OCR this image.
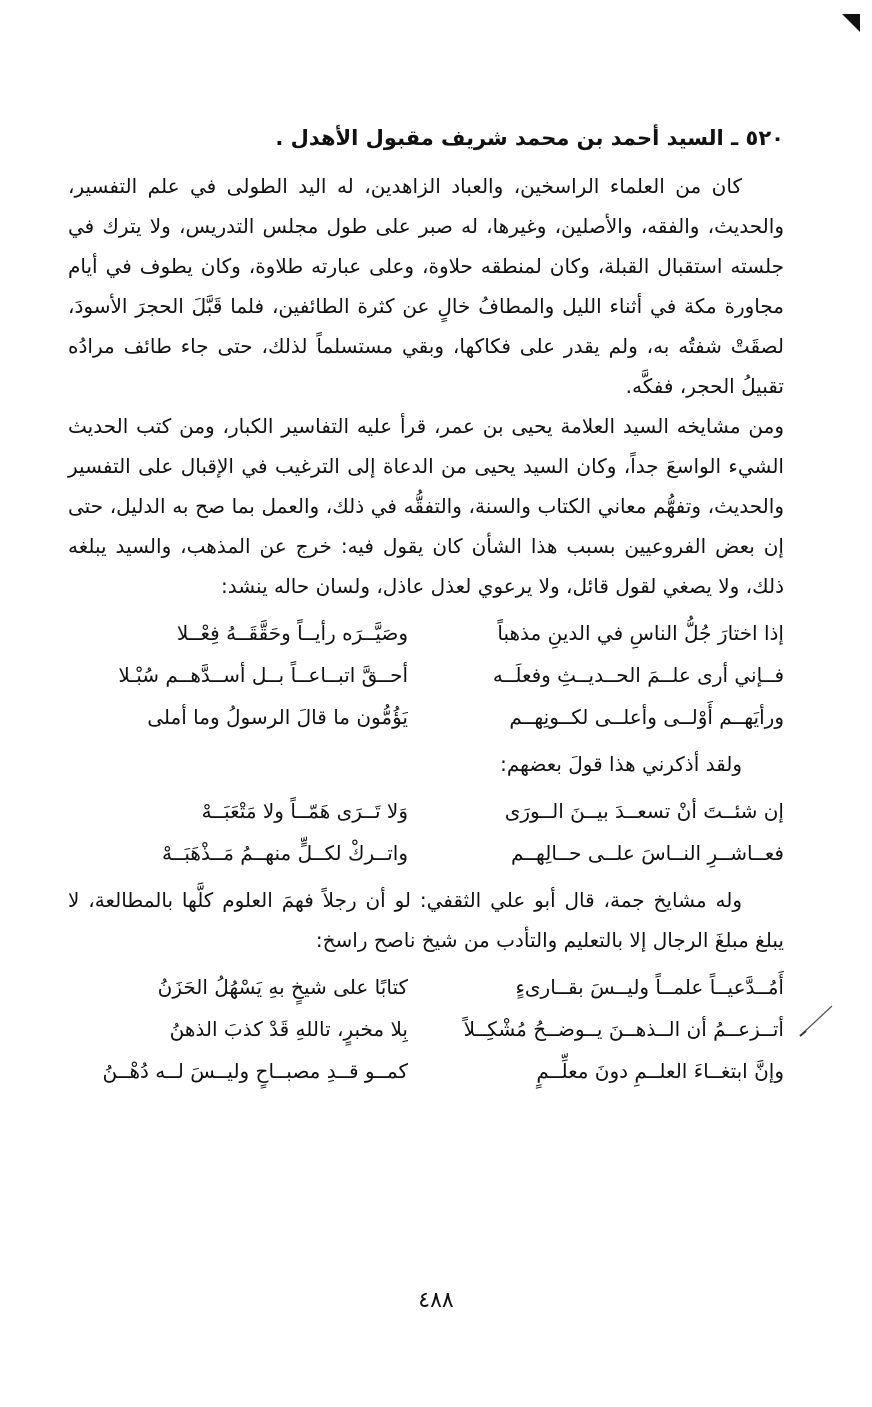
٥٢٠ ـ السيد أحمد بن محمد شريف مقبول الأهدل .

كان من العلماء الراسخين، والعباد الزاهدين، له اليد الطولى في علم التفسير، والحديث، والفقه، والأصلين، وغيرها، له صبر على طول مجلس التدريس، ولا يترك في جلسته استقبال القبلة، وكان لمنطقه حلاوة، وعلى عبارته طلاوة، وكان يطوف في أيام مجاورة مكة في أثناء الليل والمطافُ خالٍ عن كثرة الطائفين، فلما قَبَّلَ الحجرَ الأسودَ، لصقَتْ شفتُه به، ولم يقدر على فكاكها، وبقي مستسلماً لذلك، حتى جاء طائف مرادُه تقبيلُ الحجر، ففكَّه.

ومن مشايخه السيد العلامة يحيى بن عمر، قرأ عليه التفاسير الكبار، ومن كتب الحديث الشيء الواسعَ جداً، وكان السيد يحيى من الدعاة إلى الترغيب في الإقبال على التفسير والحديث، وتفهُّم معاني الكتاب والسنة، والتفقُّه في ذلك، والعمل بما صح به الدليل، حتى إن بعض الفروعيين بسبب هذا الشأن كان يقول فيه: خرج عن المذهب، والسيد يبلغه ذلك، ولا يصغي لقول قائل، ولا يرعوي لعذل عاذل، ولسان حاله ينشد:

إذا اختارَ جُلُّ الناسِ في الدينِ مذهباً
وصَيَّــرَه رأيــاً وحَقَّقَــهُ فِعْــلا
فــإني أرى علــمَ الحــديــثِ وفعلَــه
أحــقَّ اتبــاعــاً بــل أســدَّهــم سُبْـلا
ورأيَهــم أَوْلــى وأعلــى لكــونِهــم
يَؤُمُّون ما قالَ الرسولُ وما أملى

ولقد أذكرني هذا قولَ بعضهم:

إن شئــتَ أنْ تسعــدَ بيــنَ الــورَى
وَلا تَــرَى هَمّــاً ولا مَتْعَبَــهْ
فعــاشــرِ النــاسَ علــى حــالِهــم
واتــركْ لكــلٍّ منهــمُ مَــذْهَبَــهْ

وله مشايخ جمة، قال أبو علي الثقفي: لو أن رجلاً فهمَ العلوم كلَّها بالمطالعة، لا يبلغ مبلغَ الرجال إلا بالتعليم والتأدب من شيخ ناصح راسخ:

أَمُــدَّعيــاً علمــاً وليــسَ بقــارىءٍ
كتابًا على شيخٍ بهِ يَسْهُلُ الحَزَنُ
أتــزعــمُ أن الــذهــنَ يــوضــحُ مُشْكِــلاً
بِلا مخبرٍ، تاللهِ قَدْ كذبَ الذهنُ
وإنَّ ابتغــاءَ العلــمِ دونَ معلِّــمٍ
كمــو قــدِ مصبــاحٍ وليــسَ لــه دُهْــنُ
٤٨٨
